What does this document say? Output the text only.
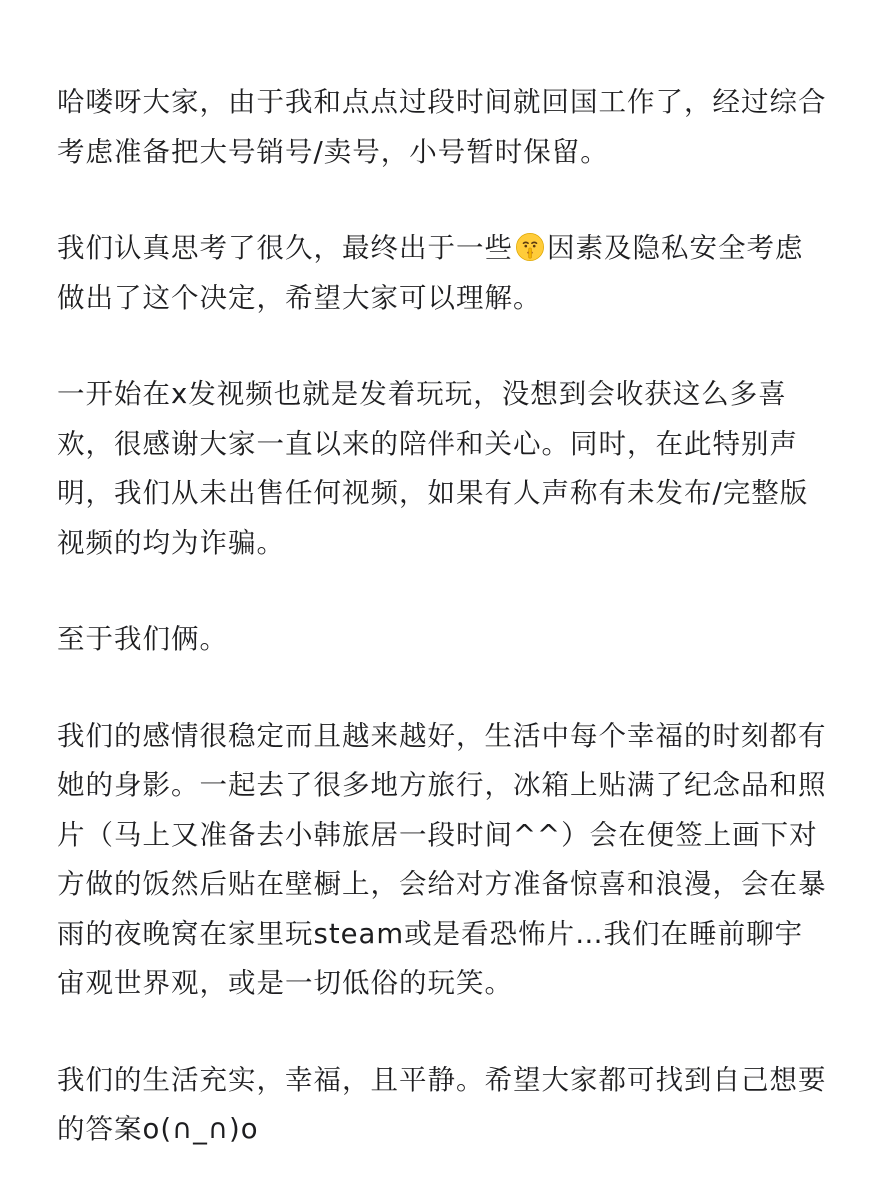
哈喽呀大家，由于我和点点过段时间就回国工作了，经过综合考虑准备把大号销号/卖号，小号暂时保留。

我们认真思考了很久，最终出于一些 因素及隐私安全考虑做出了这个决定，希望大家可以理解。

一开始在x发视频也就是发着玩玩，没想到会收获这么多喜欢，很感谢大家一直以来的陪伴和关心。同时，在此特别声明，我们从未出售任何视频，如果有人声称有未发布/完整版视频的均为诈骗。

至于我们俩。

我们的感情很稳定而且越来越好，生活中每个幸福的时刻都有她的身影。一起去了很多地方旅行，冰箱上贴满了纪念品和照片（马上又准备去小韩旅居一段时间^^）会在便签上画下对方做的饭然后贴在壁橱上，会给对方准备惊喜和浪漫，会在暴雨的夜晚窝在家里玩steam或是看恐怖片…我们在睡前聊宇宙观世界观，或是一切低俗的玩笑。

我们的生活充实，幸福，且平静。希望大家都可找到自己想要的答案o(∩_∩)o
